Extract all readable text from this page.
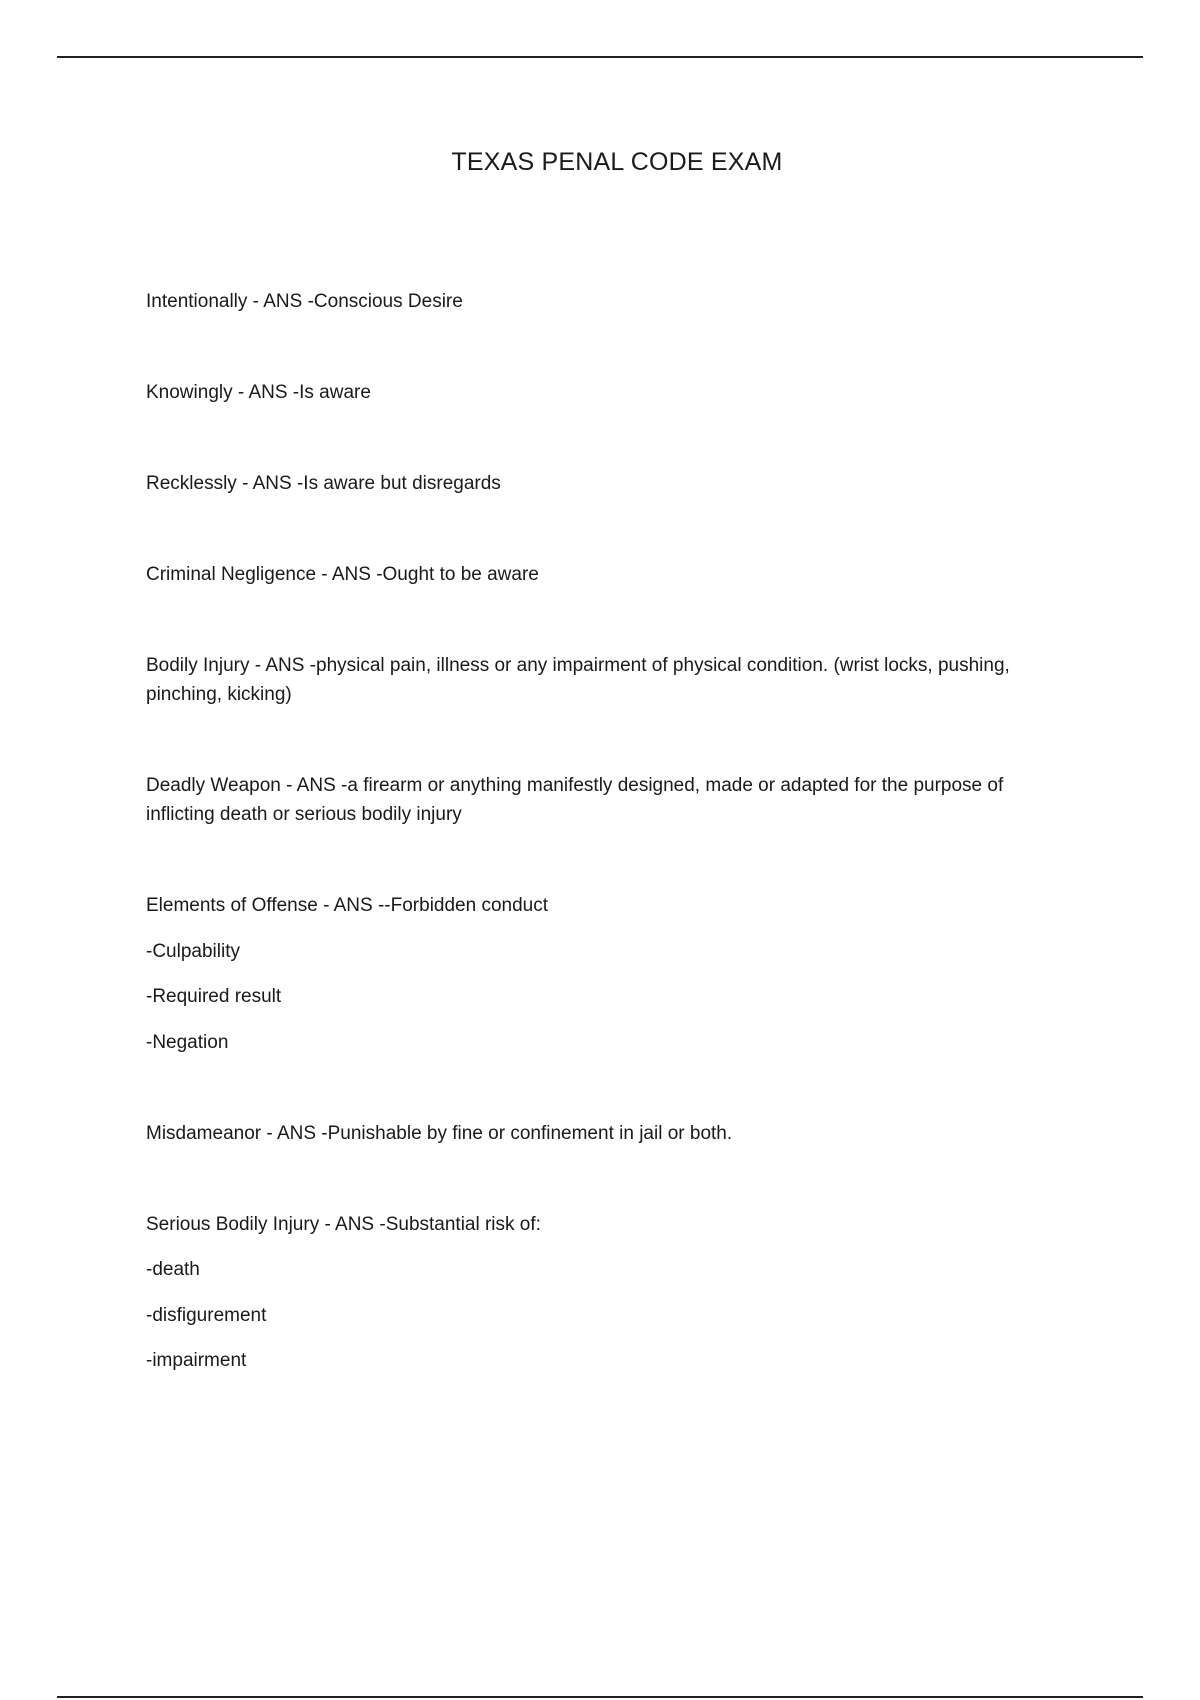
TEXAS PENAL CODE EXAM
Intentionally - ANS -Conscious Desire
Knowingly - ANS -Is aware
Recklessly - ANS -Is aware but disregards
Criminal Negligence - ANS -Ought to be aware
Bodily Injury - ANS -physical pain, illness or any impairment of physical condition. (wrist locks, pushing,
pinching, kicking)
Deadly Weapon - ANS -a firearm or anything manifestly designed, made or adapted for the purpose of
inflicting death or serious bodily injury
Elements of Offense - ANS --Forbidden conduct
-Culpability
-Required result
-Negation
Misdameanor - ANS -Punishable by fine or confinement in jail or both.
Serious Bodily Injury - ANS -Substantial risk of:
-death
-disfigurement
-impairment
